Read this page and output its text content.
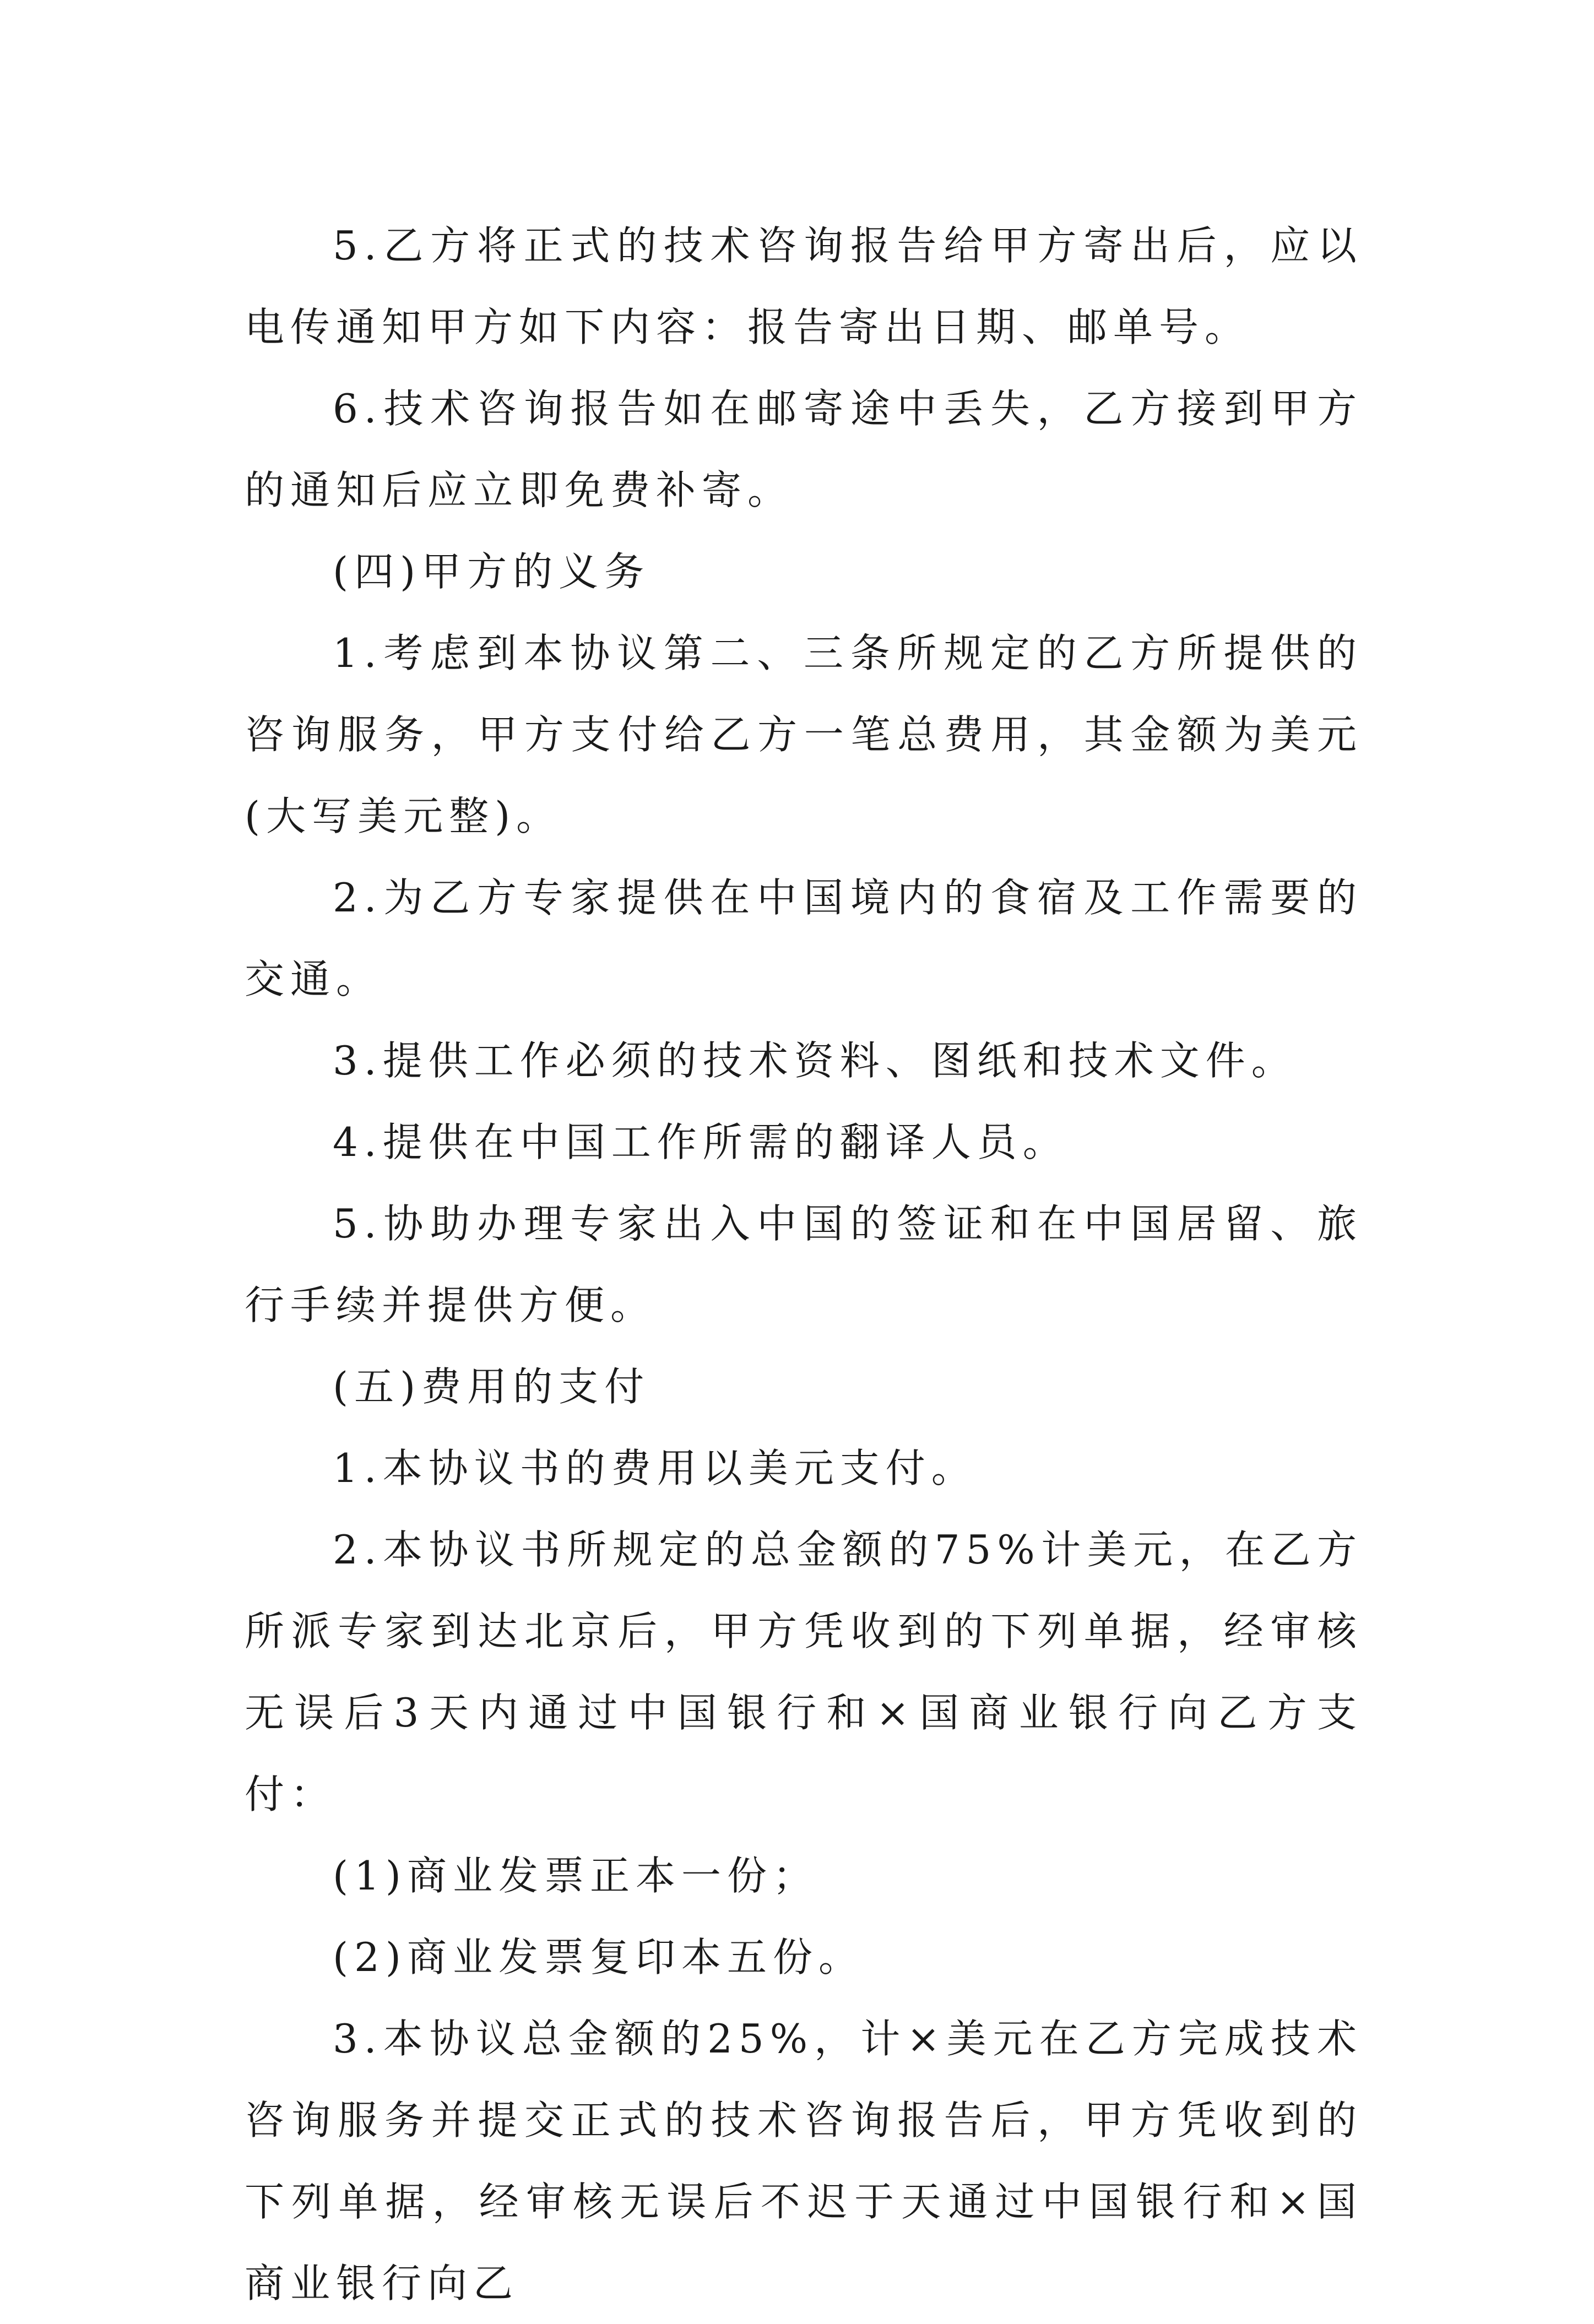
5.乙方将正式的技术咨询报告给甲方寄出后，应以电传通知甲方如下内容：报告寄出日期、邮单号。

6.技术咨询报告如在邮寄途中丢失，乙方接到甲方的通知后应立即免费补寄。

(四)甲方的义务

1.考虑到本协议第二、三条所规定的乙方所提供的咨询服务，甲方支付给乙方一笔总费用，其金额为美元(大写美元整)。

2.为乙方专家提供在中国境内的食宿及工作需要的交通。

3.提供工作必须的技术资料、图纸和技术文件。

4.提供在中国工作所需的翻译人员。

5.协助办理专家出入中国的签证和在中国居留、旅行手续并提供方便。

(五)费用的支付

1.本协议书的费用以美元支付。

2.本协议书所规定的总金额的75%计美元，在乙方所派专家到达北京后，甲方凭收到的下列单据，经审核无误后3天内通过中国银行和×国商业银行向乙方支付：

(1)商业发票正本一份；

(2)商业发票复印本五份。

3.本协议总金额的25%，计×美元在乙方完成技术咨询服务并提交正式的技术咨询报告后，甲方凭收到的下列单据，经审核无误后不迟于天通过中国银行和×国商业银行向乙
